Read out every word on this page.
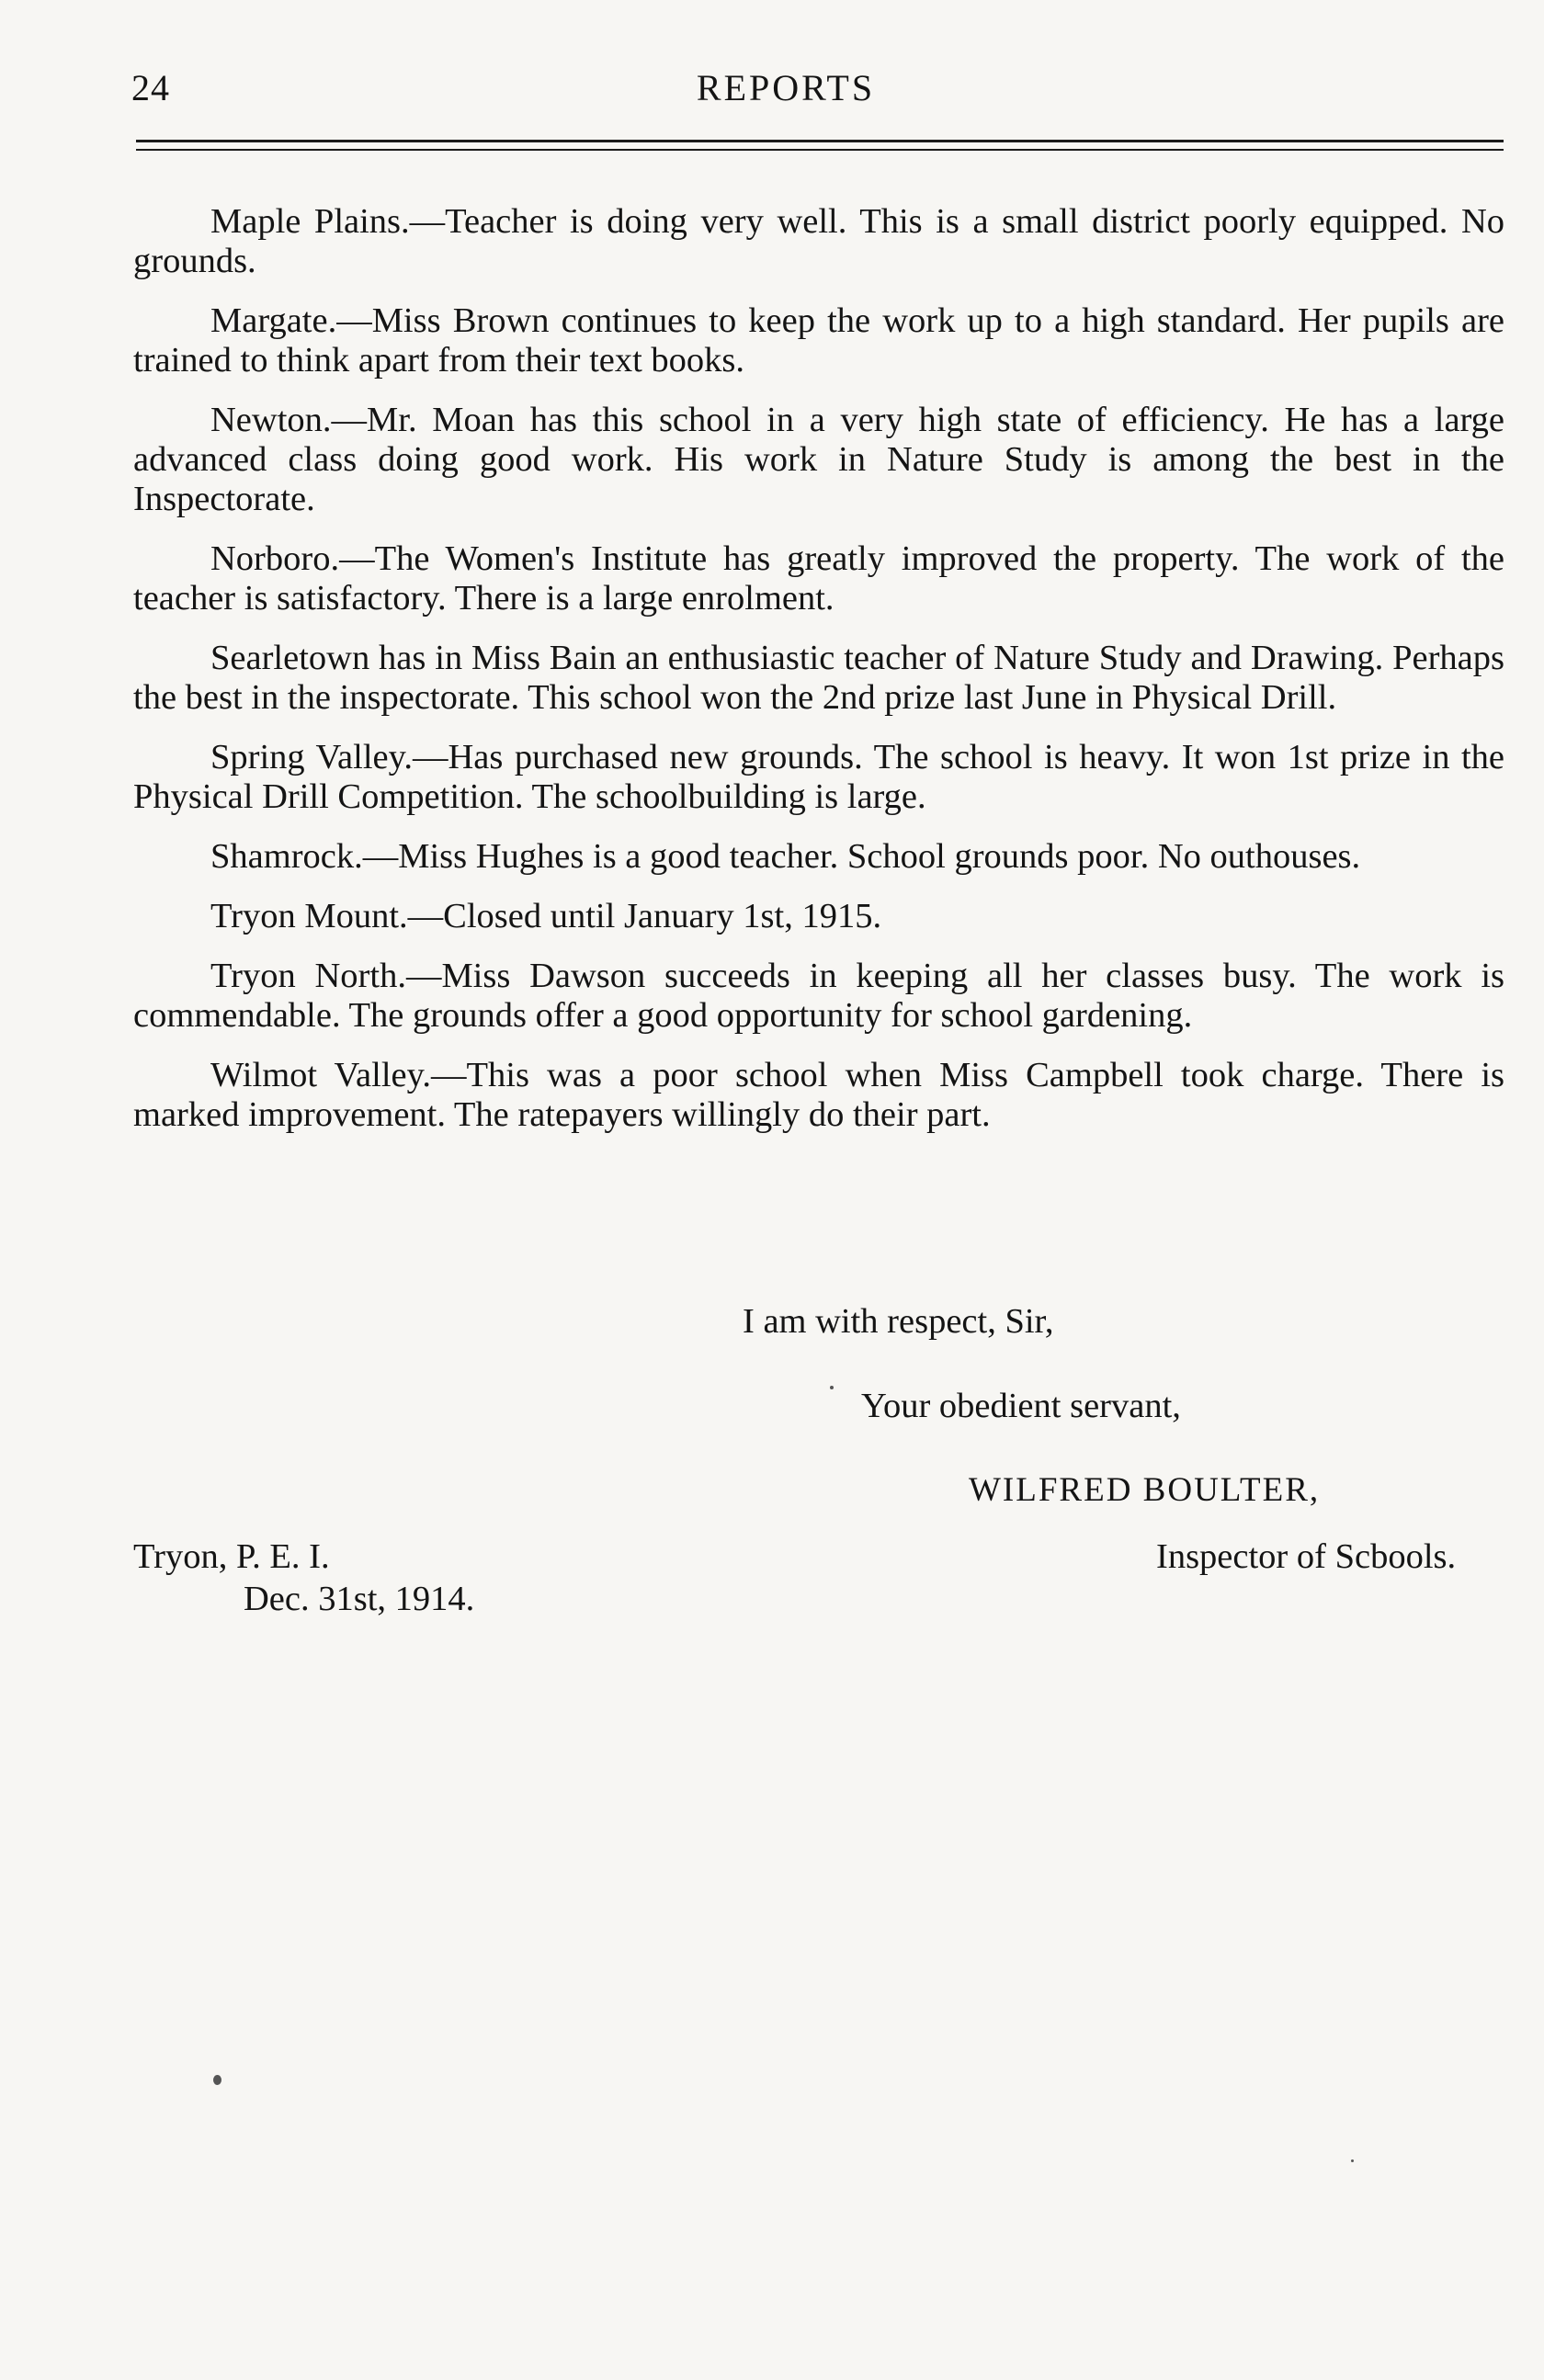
24	REPORTS

Maple Plains.—Teacher is doing very well. This is a small district poorly equipped. No grounds.

Margate.—Miss Brown continues to keep the work up to a high standard. Her pupils are trained to think apart from their text books.

Newton.—Mr. Moan has this school in a very high state of efficiency. He has a large advanced class doing good work. His work in Nature Study is among the best in the Inspectorate.

Norboro.—The Women's Institute has greatly improved the property. The work of the teacher is satisfactory. There is a large enrolment.

Searletown has in Miss Bain an enthusiastic teacher of Nature Study and Drawing. Perhaps the best in the inspectorate. This school won the 2nd prize last June in Physical Drill.

Spring Valley.—Has purchased new grounds. The school is heavy. It won 1st prize in the Physical Drill Competition. The schoolbuilding is large.

Shamrock.—Miss Hughes is a good teacher. School grounds poor. No outhouses.

Tryon Mount.—Closed until January 1st, 1915.

Tryon North.—Miss Dawson succeeds in keeping all her classes busy. The work is commendable. The grounds offer a good opportunity for school gardening.

Wilmot Valley.—This was a poor school when Miss Campbell took charge. There is marked improvement. The ratepayers willingly do their part.

I am with respect, Sir,
Your obedient servant,
WILFRED BOULTER,
Inspector of Scbools.
Tryon, P. E. I.
Dec. 31st, 1914.
